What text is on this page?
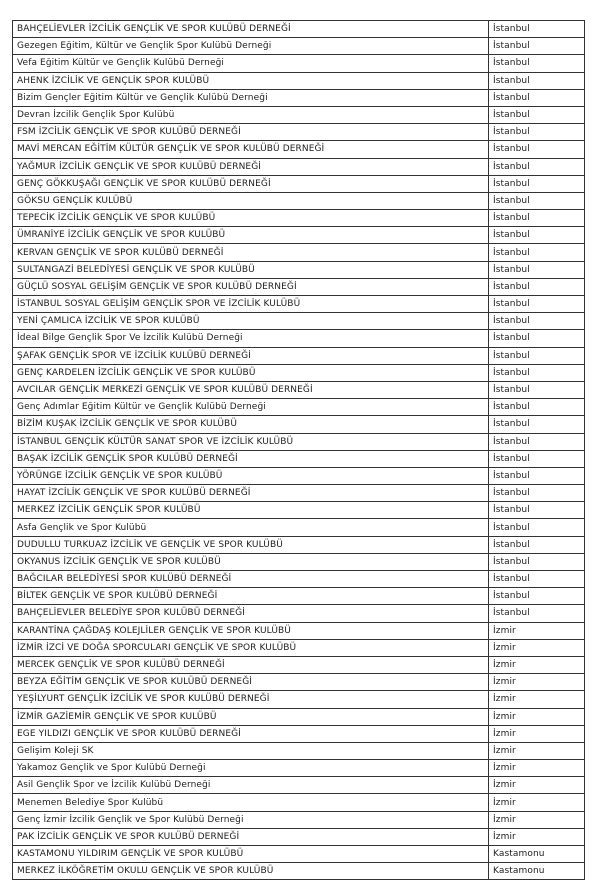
BAHÇELİEVLER İZCİLİK GENÇLİK VE SPOR KULÜBÜ DERNEĞİ	İstanbul
Gezegen Eğitim, Kültür ve Gençlik Spor Kulübü Derneği	İstanbul
Vefa Eğitim Kültür ve Gençlik Kulübü Derneği	İstanbul
AHENK İZCİLİK VE GENÇLİK SPOR KULÜBÜ	İstanbul
Bizim Gençler Eğitim Kültür ve Gençlik Kulübü Derneği	İstanbul
Devran İzcilik Gençlik Spor Kulübü	İstanbul
FSM İZCİLİK GENÇLİK VE SPOR KULÜBÜ DERNEĞİ	İstanbul
MAVİ MERCAN EĞİTİM KÜLTÜR GENÇLİK VE SPOR KULÜBÜ DERNEĞİ	İstanbul
YAĞMUR İZCİLİK GENÇLİK VE SPOR KULÜBÜ DERNEĞİ	İstanbul
GENÇ GÖKKUŞAĞI GENÇLİK VE SPOR KULÜBÜ DERNEĞİ	İstanbul
GÖKSU GENÇLİK KULÜBÜ	İstanbul
TEPECİK İZCİLİK GENÇLİK VE SPOR KULÜBÜ	İstanbul
ÜMRANİYE İZCİLİK GENÇLİK VE SPOR KULÜBÜ	İstanbul
KERVAN GENÇLİK VE SPOR KULÜBÜ DERNEĞİ	İstanbul
SULTANGAZİ BELEDİYESİ GENÇLİK VE SPOR KULÜBÜ	İstanbul
GÜÇLÜ SOSYAL GELİŞİM GENÇLİK VE SPOR KULÜBÜ DERNEĞİ	İstanbul
İSTANBUL SOSYAL GELİŞİM GENÇLİK SPOR VE İZCİLİK KULÜBÜ	İstanbul
YENİ ÇAMLICA İZCİLİK VE SPOR KULÜBÜ	İstanbul
İdeal Bilge Gençlik Spor Ve İzcilik Kulübü Derneği	İstanbul
ŞAFAK GENÇLİK SPOR VE İZCİLİK KULÜBÜ DERNEĞİ	İstanbul
GENÇ KARDELEN İZCİLİK GENÇLİK VE SPOR KULÜBÜ	İstanbul
AVCILAR GENÇLİK MERKEZİ GENÇLİK VE SPOR KULÜBÜ DERNEĞİ	İstanbul
Genç Adımlar Eğitim Kültür ve Gençlik Kulübü Derneği	İstanbul
BİZİM KUŞAK İZCİLİK GENÇLİK VE SPOR KULÜBÜ	İstanbul
İSTANBUL GENÇLİK KÜLTÜR SANAT SPOR VE İZCİLİK KULÜBÜ	İstanbul
BAŞAK İZCİLİK GENÇLİK SPOR KULÜBÜ DERNEĞİ	İstanbul
YÖRÜNGE İZCİLİK GENÇLİK VE SPOR KULÜBÜ	İstanbul
HAYAT İZCİLİK GENÇLİK VE SPOR KULÜBÜ DERNEĞİ	İstanbul
MERKEZ İZCİLİK GENÇLİK SPOR KULÜBÜ	İstanbul
Asfa Gençlik ve Spor Kulübü	İstanbul
DUDULLU TURKUAZ İZCİLİK VE GENÇLİK VE SPOR KULÜBÜ	İstanbul
OKYANUS İZCİLİK GENÇLİK VE SPOR KULÜBÜ	İstanbul
BAĞCILAR BELEDİYESİ SPOR KULÜBÜ DERNEĞİ	İstanbul
BİLTEK GENÇLİK VE SPOR KULÜBÜ DERNEĞİ	İstanbul
BAHÇELİEVLER BELEDİYE SPOR KULÜBÜ DERNEĞİ	İstanbul
KARANTİNA ÇAĞDAŞ KOLEJLİLER GENÇLİK VE SPOR KULÜBÜ	İzmir
İZMİR İZCİ VE DOĞA SPORCULARI GENÇLİK VE SPOR KULÜBÜ	İzmir
MERCEK GENÇLİK VE SPOR KULÜBÜ DERNEĞİ	İzmir
BEYZA EĞİTİM GENÇLİK VE SPOR KULÜBÜ DERNEĞİ	İzmir
YEŞİLYURT GENÇLİK İZCİLİK VE SPOR KULÜBÜ DERNEĞİ	İzmir
İZMİR GAZİEMİR GENÇLİK VE SPOR KULÜBÜ	İzmir
EGE YILDIZI GENÇLİK VE SPOR KULÜBÜ DERNEĞİ	İzmir
Gelişim Koleji SK	İzmir
Yakamoz Gençlik ve Spor Kulübü Derneği	İzmir
Asil Gençlik Spor ve İzcilik Kulübü Derneği	İzmir
Menemen Belediye Spor Kulübü	İzmir
Genç İzmir İzcilik Gençlik ve Spor Kulübü Derneği	İzmir
PAK İZCİLİK GENÇLİK VE SPOR KULÜBÜ DERNEĞİ	İzmir
KASTAMONU YILDIRIM GENÇLİK VE SPOR KULÜBÜ	Kastamonu
MERKEZ İLKÖĞRETİM OKULU GENÇLİK VE SPOR KULÜBÜ	Kastamonu
